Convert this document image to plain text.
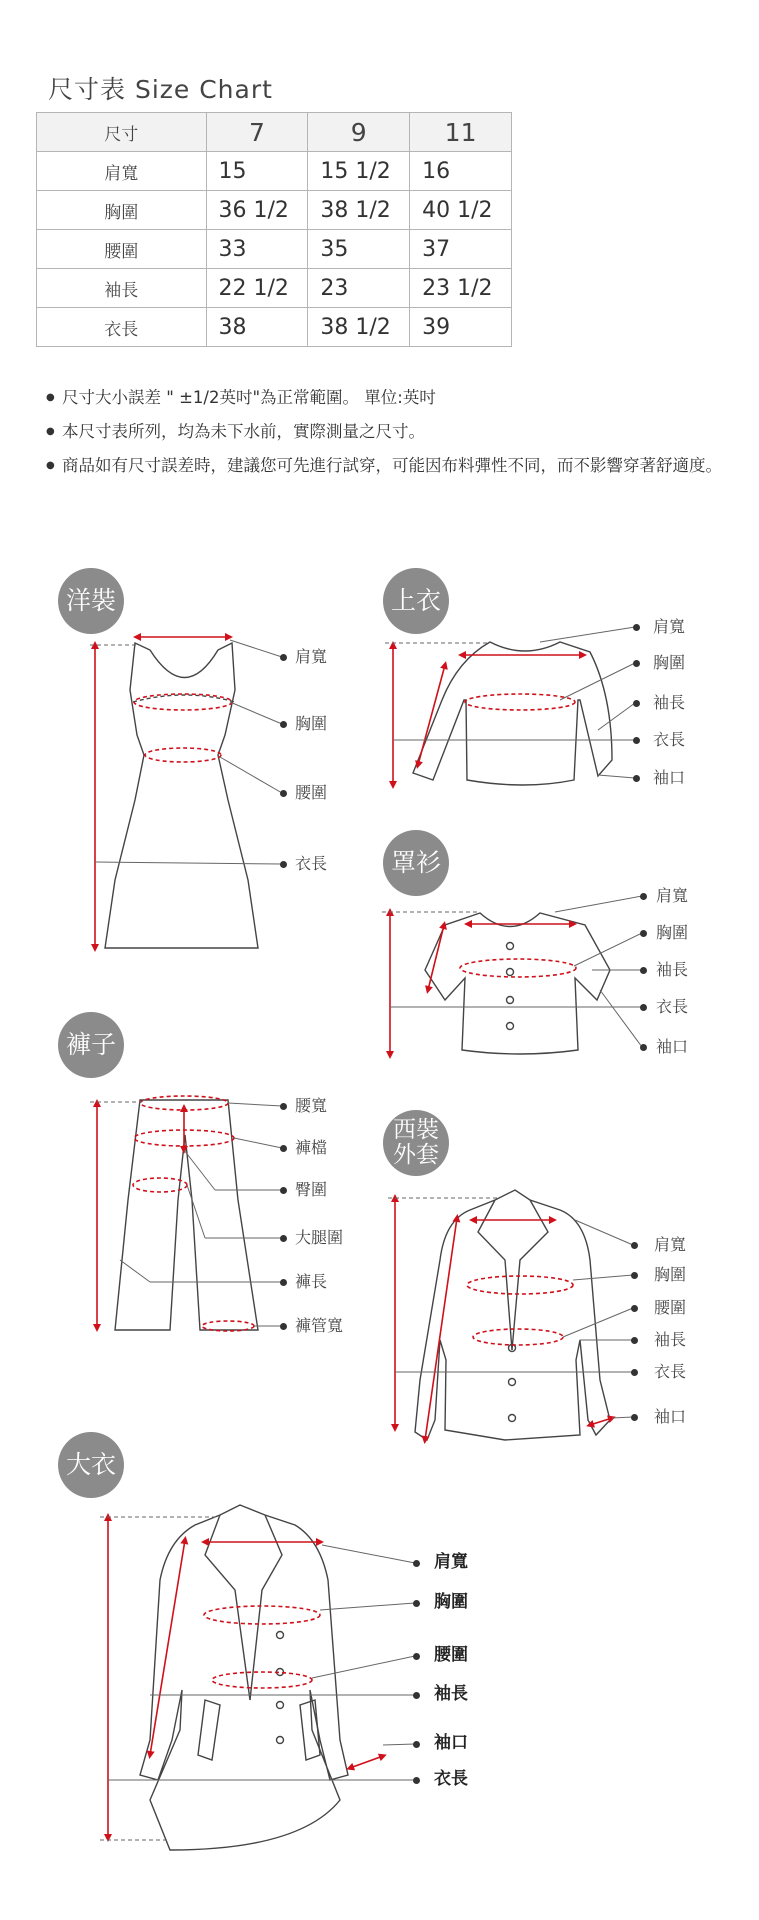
尺寸表 Size Chart
尺寸	7	9	11
肩寬	15	15 1/2	16
胸圍	36 1/2	38 1/2	40 1/2
腰圍	33	35	37
袖長	22 1/2	23	23 1/2
衣長	38	38 1/2	39
● 尺寸大小誤差 " ±1/2英吋"為正常範圍。 單位:英吋
● 本尺寸表所列，均為未下水前，實際測量之尺寸。
● 商品如有尺寸誤差時，建議您可先進行試穿，可能因布料彈性不同，而不影響穿著舒適度。
洋裝	上衣
罩衫
褲子
西裝
外套
大衣
肩寬
胸圍
腰圍
衣長
肩寬
胸圍
袖長
衣長
袖口
肩寬
胸圍
袖長
衣長
袖口
腰寬
褲檔
臀圍
大腿圍
褲長
褲管寬
肩寬
胸圍
腰圍
袖長
衣長
袖口
肩寬
胸圍
腰圍
袖長
袖口
衣長
